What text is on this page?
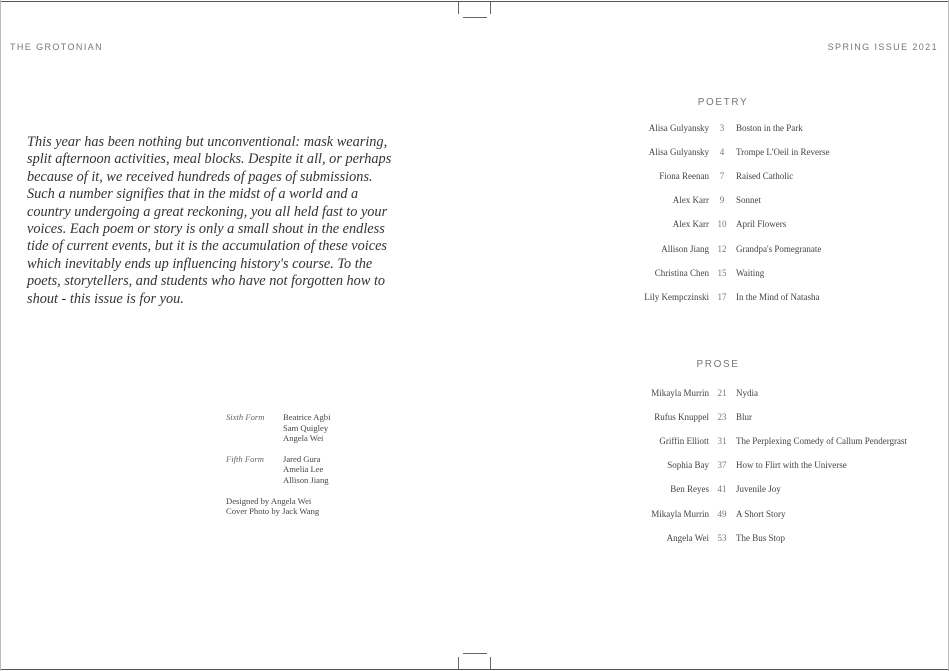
THE GROTONIAN	SPRING ISSUE 2021

This year has been nothing but unconventional: mask wearing, split afternoon activities, meal blocks. Despite it all, or perhaps because of it, we received hundreds of pages of submissions. Such a number signifies that in the midst of a world and a country undergoing a great reckoning, you all held fast to your voices. Each poem or story is only a small shout in the endless tide of current events, but it is the accumulation of these voices which inevitably ends up influencing history's course. To the poets, storytellers, and students who have not forgotten how to shout - this issue is for you.

POETRY
Alisa Gulyansky	3	Boston in the Park
Alisa Gulyansky	4	Trompe L'Oeil in Reverse
Fiona Reenan	7	Raised Catholic
Alex Karr	9	Sonnet
Alex Karr 10	April Flowers
Allison Jiang 12	Grandpa's Pomegranate
Christina Chen 15	Waiting
Lily Kempczinski 17	In the Mind of Natasha
PROSE
Mikayla Murrin 21	Nydia
Rufus Knuppel 23	Blur
Griffin Elliott 31	The Perplexing Comedy of Callum Pendergrast
Sophia Bay 37	How to Flirt with the Universe
Ben Reyes 41	Juvenile Joy
Mikayla Murrin 49	A Short Story
Angela Wei 53	The Bus Stop
Sixth Form Beatrice Agbi
Sam Quigley
Angela Wei
Fifth Form Jared Gura
Amelia Lee
Allison Jiang
Designed by Angela Wei
Cover Photo by Jack Wang
